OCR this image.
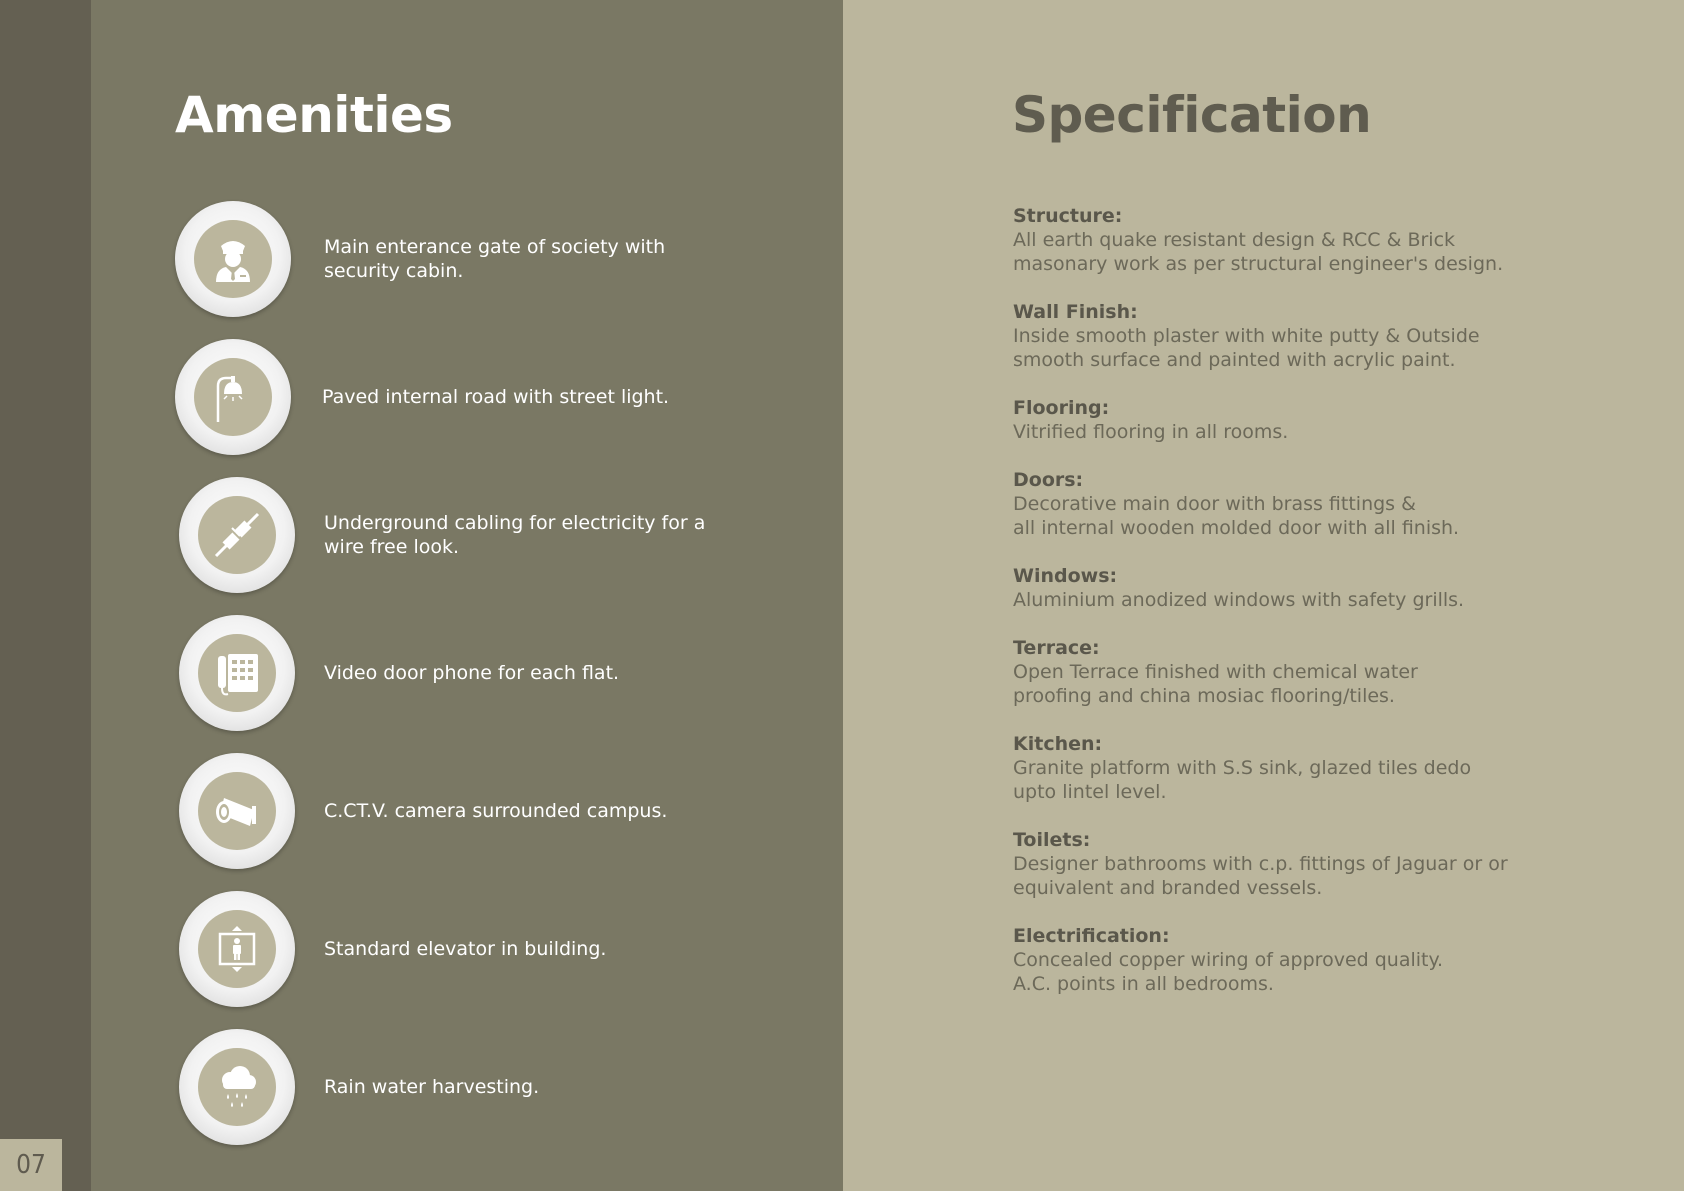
07
Amenities	Specification
Main enterance gate of society with
security cabin.
Paved internal road with street light.
Underground cabling for electricity for a
wire free look.
Video door phone for each flat.
C.CT.V. camera surrounded campus.
Standard elevator in building.
Rain water harvesting.
Structure:
All earth quake resistant design & RCC & Brick
masonary work as per structural engineer's design.
Wall Finish:
Inside smooth plaster with white putty & Outside
smooth surface and painted with acrylic paint.
Flooring:
Vitrified flooring in all rooms.
Doors:
Decorative main door with brass fittings &
all internal wooden molded door with all finish.
Windows:
Aluminium anodized windows with safety grills.
Terrace:
Open Terrace finished with chemical water
proofing and china mosiac flooring/tiles.
Kitchen:
Granite platform with S.S sink, glazed tiles dedo
upto lintel level.
Toilets:
Designer bathrooms with c.p. fittings of Jaguar or or
equivalent and branded vessels.
Electrification:
Concealed copper wiring of approved quality.
A.C. points in all bedrooms.
